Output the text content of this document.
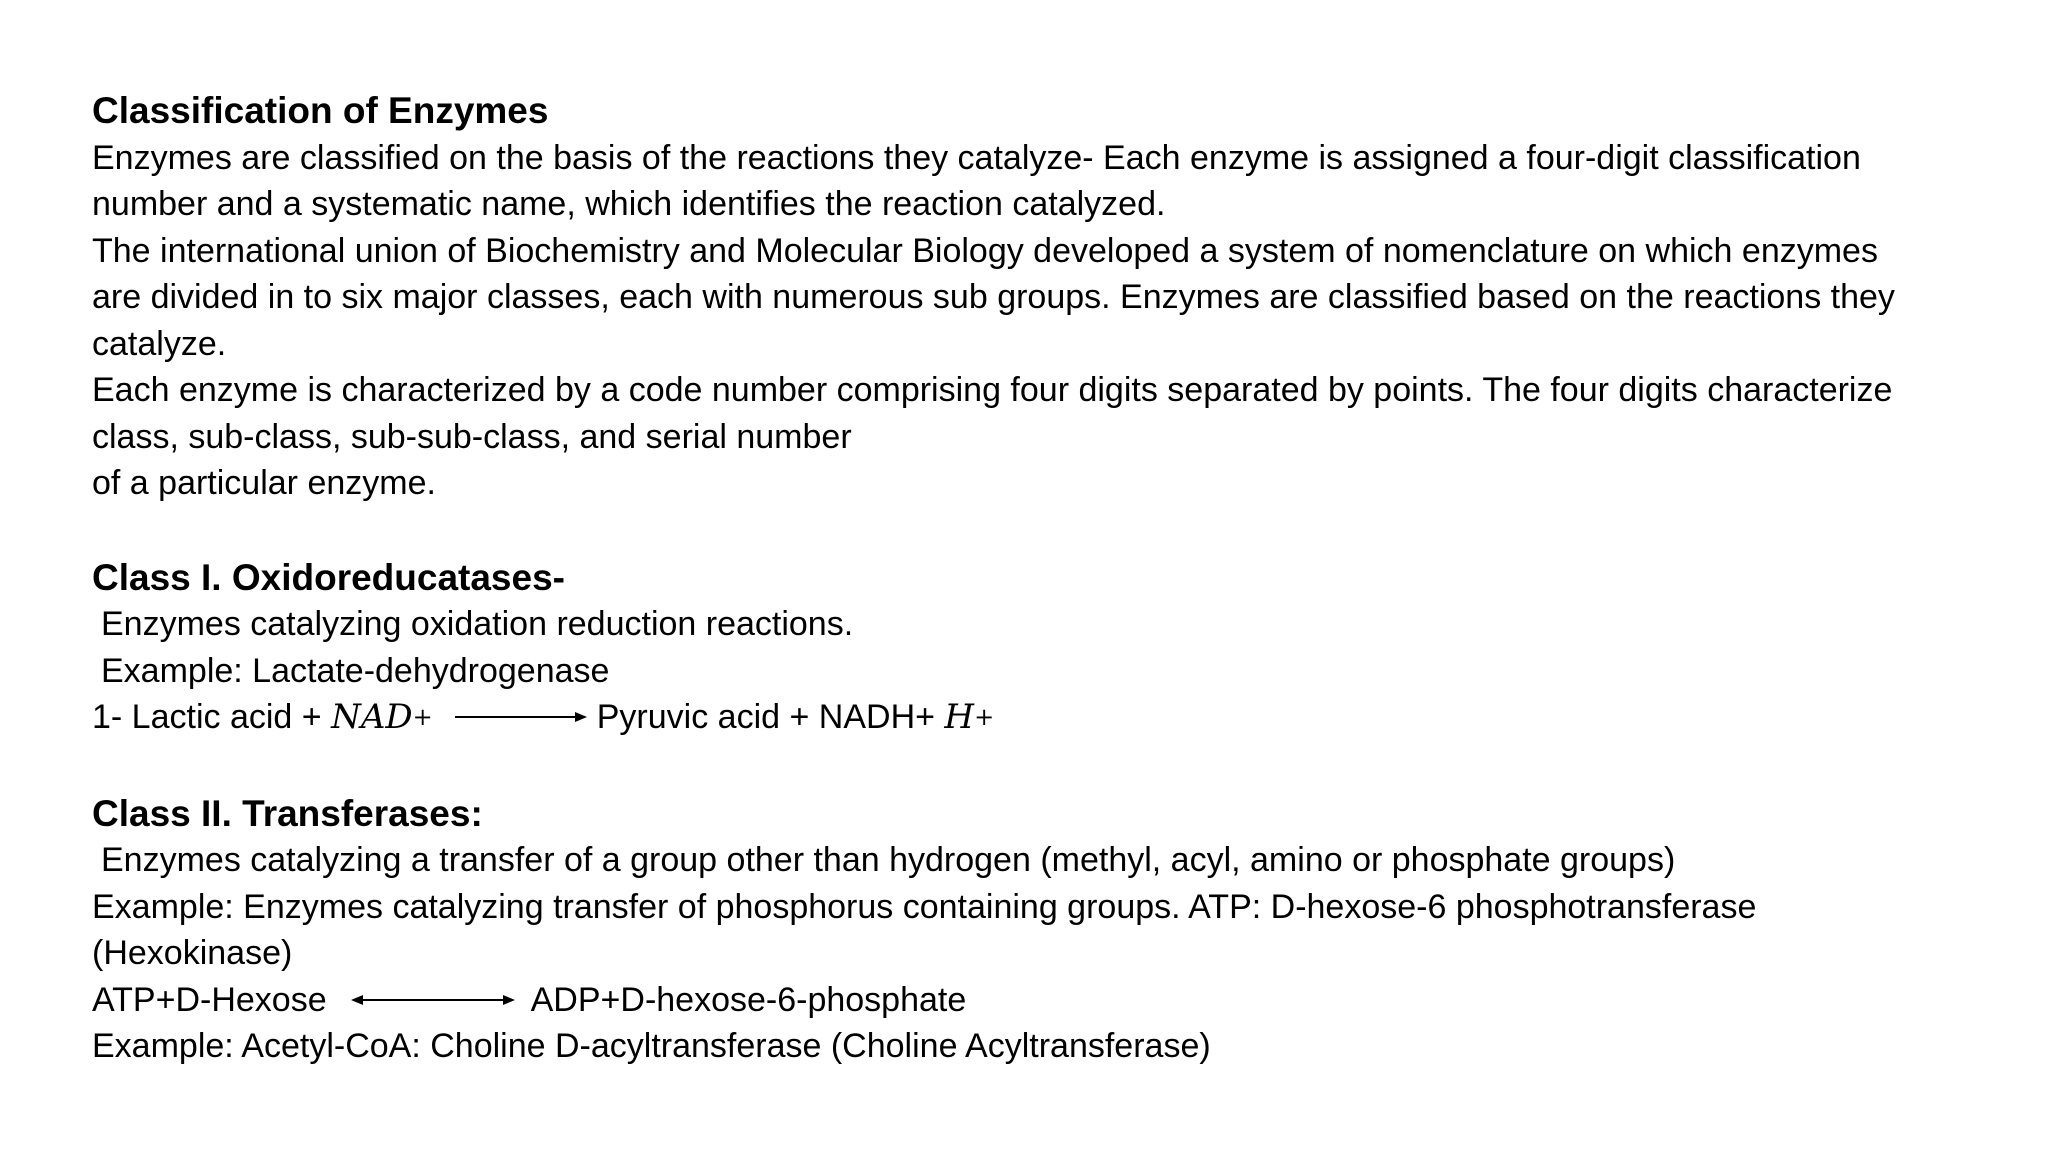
Classification of Enzymes
Enzymes are classified on the basis of the reactions they catalyze- Each enzyme is assigned a four-digit classification
number and a systematic name, which identifies the reaction catalyzed.
The international union of Biochemistry and Molecular Biology developed a system of nomenclature on which enzymes
are divided in to six major classes, each with numerous sub groups. Enzymes are classified based on the reactions they
catalyze.
Each enzyme is characterized by a code number comprising four digits separated by points. The four digits characterize
class, sub-class, sub-sub-class, and serial number
of a particular enzyme.
Class I. Oxidoreducatases-
Enzymes catalyzing oxidation reduction reactions.
Example: Lactate-dehydrogenase
1- Lactic acid + NAD +	Pyruvic acid + NADH+ H +
Class II. Transferases:
Enzymes catalyzing a transfer of a group other than hydrogen (methyl, acyl, amino or phosphate groups)
Example: Enzymes catalyzing transfer of phosphorus containing groups. ATP: D-hexose-6 phosphotransferase
(Hexokinase)
ATP+D-Hexose	ADP+D-hexose-6-phosphate
Example: Acetyl-CoA: Choline D-acyltransferase (Choline Acyltransferase)
